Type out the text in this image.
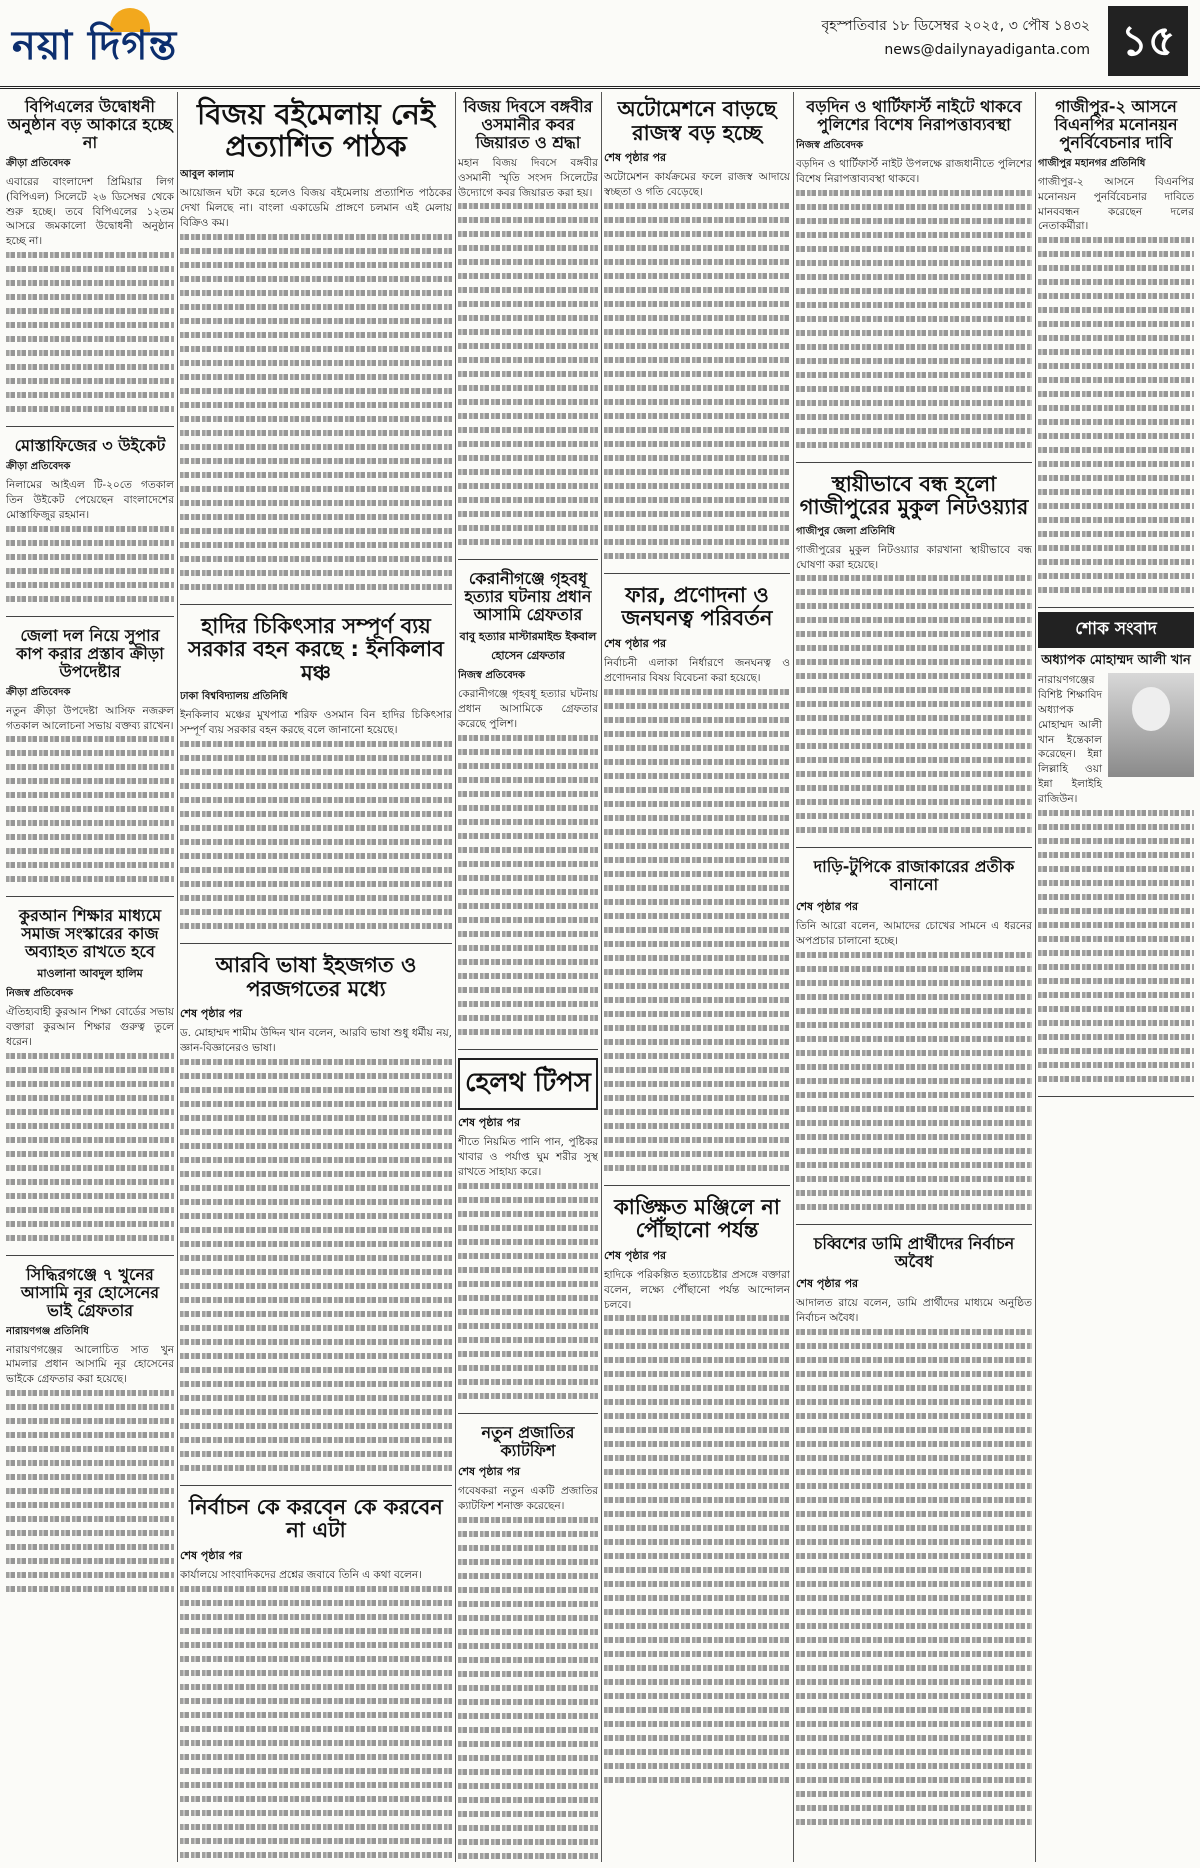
নয়া দিগন্ত	বৃহস্পতিবার ১৮ ডিসেম্বর ২০২৫, ৩ পৌষ ১৪৩২
news@dailynayadiganta.com ১৫
বিপিএলের উদ্বোধনী অনুষ্ঠান বড় আকারে হচ্ছে না
ক্রীড়া প্রতিবেদক
এবারের বাংলাদেশ প্রিমিয়ার লিগ (বিপিএল) সিলেটে ২৬ ডিসেম্বর থেকে শুরু হচ্ছে। তবে বিপিএলের ১২তম আসরে জমকালো উদ্বোধনী অনুষ্ঠান হচ্ছে না।
মোস্তাফিজের ৩ উইকেট
ক্রীড়া প্রতিবেদক
নিলামের আইএল টি-২০তে গতকাল তিন উইকেট পেয়েছেন বাংলাদেশের মোস্তাফিজুর রহমান।
জেলা দল নিয়ে সুপার কাপ করার প্রস্তাব ক্রীড়া উপদেষ্টার
ক্রীড়া প্রতিবেদক
নতুন ক্রীড়া উপদেষ্টা আসিফ নজরুল গতকাল আলোচনা সভায় বক্তব্য রাখেন।
কুরআন শিক্ষার মাধ্যমে সমাজ সংস্কারের কাজ অব্যাহত রাখতে হবে
মাওলানা আবদুল হালিম
নিজস্ব প্রতিবেদক
ঐতিহ্যবাহী কুরআন শিক্ষা বোর্ডের সভায় বক্তারা কুরআন শিক্ষার গুরুত্ব তুলে ধরেন।
সিদ্ধিরগঞ্জে ৭ খুনের আসামি নূর হোসেনের ভাই গ্রেফতার
নারায়ণগঞ্জ প্রতিনিধি
নারায়ণগঞ্জের আলোচিত সাত খুন মামলার প্রধান আসামি নূর হোসেনের ভাইকে গ্রেফতার করা হয়েছে।
বিজয় বইমেলায় নেই প্রত্যাশিত পাঠক
আবুল কালাম
আয়োজন ঘটা করে হলেও বিজয় বইমেলায় প্রত্যাশিত পাঠকের দেখা মিলছে না। বাংলা একাডেমি প্রাঙ্গণে চলমান এই মেলায় বিক্রিও কম।
হাদির চিকিৎসার সম্পূর্ণ ব্যয় সরকার বহন করছে : ইনকিলাব মঞ্চ
ঢাকা বিশ্ববিদ্যালয় প্রতিনিধি
ইনকিলাব মঞ্চের মুখপাত্র শরিফ ওসমান বিন হাদির চিকিৎসার সম্পূর্ণ ব্যয় সরকার বহন করছে বলে জানানো হয়েছে।
আরবি ভাষা ইহজগত ও পরজগতের মধ্যে
শেষ পৃষ্ঠার পর
ড. মোহাম্মদ শামীম উদ্দিন খান বলেন, আরবি ভাষা শুধু ধর্মীয় নয়, জ্ঞান-বিজ্ঞানেরও ভাষা।
নির্বাচন কে করবেন কে করবেন না এটা
শেষ পৃষ্ঠার পর
কার্যালয়ে সাংবাদিকদের প্রশ্নের জবাবে তিনি এ কথা বলেন।
বিজয় দিবসে বঙ্গবীর ওসমানীর কবর জিয়ারত ও শ্রদ্ধা
মহান বিজয় দিবসে বঙ্গবীর ওসমানী স্মৃতি সংসদ সিলেটের উদ্যোগে কবর জিয়ারত করা হয়।
কেরানীগঞ্জে গৃহবধূ হত্যার ঘটনায় প্রধান আসামি গ্রেফতার
বাবু হত্যার মাস্টারমাইন্ড ইকবাল হোসেন গ্রেফতার
নিজস্ব প্রতিবেদক
কেরানীগঞ্জে গৃহবধূ হত্যার ঘটনায় প্রধান আসামিকে গ্রেফতার করেছে পুলিশ।
হেলথ টিপস
শেষ পৃষ্ঠার পর
শীতে নিয়মিত পানি পান, পুষ্টিকর খাবার ও পর্যাপ্ত ঘুম শরীর সুস্থ রাখতে সাহায্য করে।
নতুন প্রজাতির ক্যাটফিশ
শেষ পৃষ্ঠার পর
গবেষকরা নতুন একটি প্রজাতির ক্যাটফিশ শনাক্ত করেছেন।
অটোমেশনে বাড়ছে রাজস্ব বড় হচ্ছে
শেষ পৃষ্ঠার পর
অটোমেশন কার্যক্রমের ফলে রাজস্ব আদায়ে স্বচ্ছতা ও গতি বেড়েছে।
ফার, প্রণোদনা ও জনঘনত্ব পরিবর্তন
শেষ পৃষ্ঠার পর
নির্বাচনী এলাকা নির্ধারণে জনঘনত্ব ও প্রণোদনার বিষয় বিবেচনা করা হয়েছে।
কাঙ্ক্ষিত মঞ্জিলে না পৌঁছানো পর্যন্ত
শেষ পৃষ্ঠার পর
হাদিকে পরিকল্পিত হত্যাচেষ্টার প্রসঙ্গে বক্তারা বলেন, লক্ষ্যে পৌঁছানো পর্যন্ত আন্দোলন চলবে।
বড়দিন ও থার্টিফার্স্ট নাইটে থাকবে পুলিশের বিশেষ নিরাপত্তাব্যবস্থা
নিজস্ব প্রতিবেদক
বড়দিন ও থার্টিফার্স্ট নাইট উপলক্ষে রাজধানীতে পুলিশের বিশেষ নিরাপত্তাব্যবস্থা থাকবে।
স্থায়ীভাবে বন্ধ হলো গাজীপুরের মুকুল নিটওয়্যার
গাজীপুর জেলা প্রতিনিধি
গাজীপুরের মুকুল নিটওয়্যার কারখানা স্থায়ীভাবে বন্ধ ঘোষণা করা হয়েছে।
দাড়ি-টুপিকে রাজাকারের প্রতীক বানানো
শেষ পৃষ্ঠার পর
তিনি আরো বলেন, আমাদের চোখের সামনে এ ধরনের অপপ্রচার চালানো হচ্ছে।
চব্বিশের ডামি প্রার্থীদের নির্বাচন অবৈধ
শেষ পৃষ্ঠার পর
আদালত রায়ে বলেন, ডামি প্রার্থীদের মাধ্যমে অনুষ্ঠিত নির্বাচন অবৈধ।
গাজীপুর-২ আসনে বিএনপির মনোনয়ন পুনর্বিবেচনার দাবি
গাজীপুর মহানগর প্রতিনিধি
গাজীপুর-২ আসনে বিএনপির মনোনয়ন পুনর্বিবেচনার দাবিতে মানববন্ধন করেছেন দলের নেতাকর্মীরা।
শোক সংবাদ
অধ্যাপক মোহাম্মদ আলী খান
নারায়ণগঞ্জের বিশিষ্ট শিক্ষাবিদ অধ্যাপক মোহাম্মদ আলী খান ইন্তেকাল করেছেন। ইন্না লিল্লাহি ওয়া ইন্না ইলাইহি রাজিউন।
